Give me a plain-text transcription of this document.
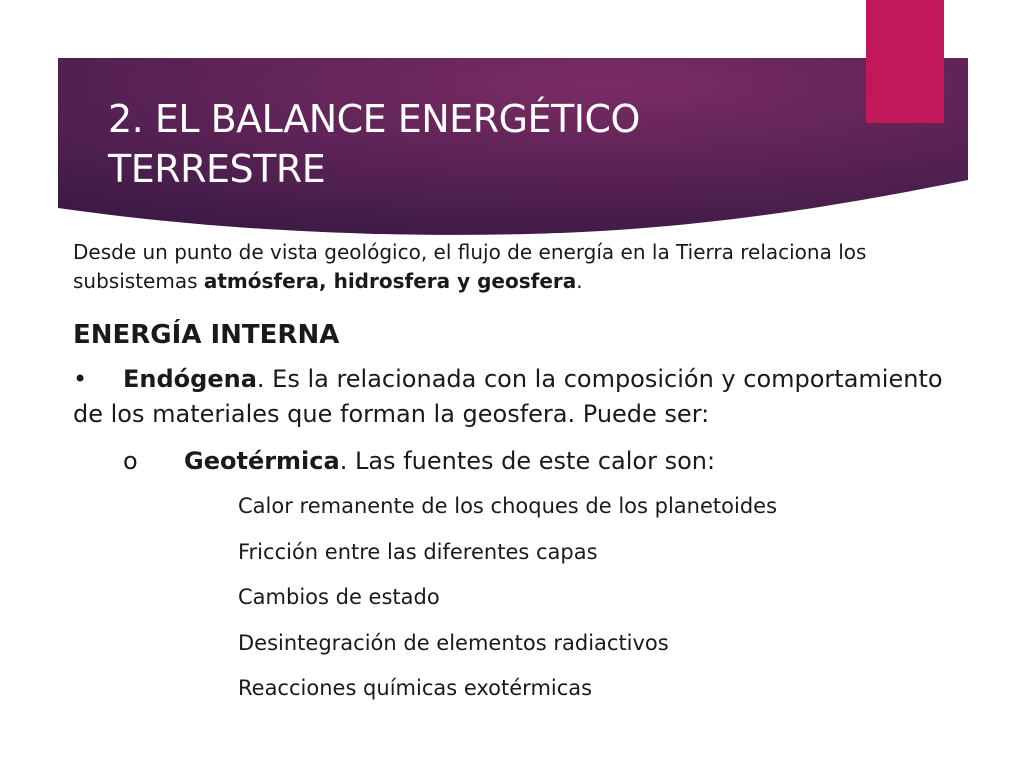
2. EL BALANCE ENERGÉTICO
TERRESTRE

Desde un punto de vista geológico, el flujo de energía en la Tierra relaciona los subsistemas atmósfera, hidrosfera y geosfera.

ENERGÍA INTERNA

• Endógena. Es la relacionada con la composición y comportamiento de los materiales que forman la geosfera. Puede ser:

o Geotérmica. Las fuentes de este calor son:

Calor remanente de los choques de los planetoides
Fricción entre las diferentes capas
Cambios de estado
Desintegración de elementos radiactivos
Reacciones químicas exotérmicas
